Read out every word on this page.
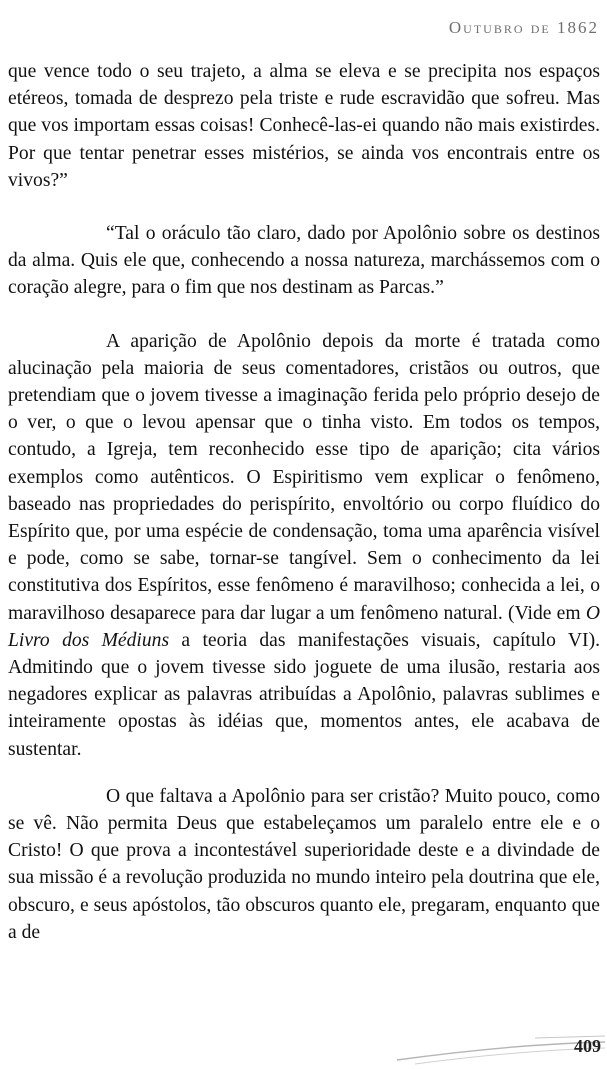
Outubro de 1862

que vence todo o seu trajeto, a alma se eleva e se precipita nos espaços etéreos, tomada de desprezo pela triste e rude escravidão que sofreu. Mas que vos importam essas coisas! Conhecê-las-ei quando não mais existirdes. Por que tentar penetrar esses mistérios, se ainda vos encontrais entre os vivos?”

“Tal o oráculo tão claro, dado por Apolônio sobre os destinos da alma. Quis ele que, conhecendo a nossa natureza, marchássemos com o coração alegre, para o fim que nos destinam as Parcas.”

A aparição de Apolônio depois da morte é tratada como alucinação pela maioria de seus comentadores, cristãos ou outros, que pretendiam que o jovem tivesse a imaginação ferida pelo próprio desejo de o ver, o que o levou apensar que o tinha visto. Em todos os tempos, contudo, a Igreja, tem reconhecido esse tipo de aparição; cita vários exemplos como autênticos. O Espiritismo vem explicar o fenômeno, baseado nas propriedades do perispírito, envoltório ou corpo fluídico do Espírito que, por uma espécie de condensação, toma uma aparência visível e pode, como se sabe, tornar-se tangível. Sem o conhecimento da lei constitutiva dos Espíritos, esse fenômeno é maravilhoso; conhecida a lei, o maravilhoso desaparece para dar lugar a um fenômeno natural. (Vide em O Livro dos Médiuns a teoria das manifestações visuais, capítulo VI). Admitindo que o jovem tivesse sido joguete de uma ilusão, restaria aos negadores explicar as palavras atribuídas a Apolônio, palavras sublimes e inteiramente opostas às idéias que, momentos antes, ele acabava de sustentar.

O que faltava a Apolônio para ser cristão? Muito pouco, como se vê. Não permita Deus que estabeleçamos um paralelo entre ele e o Cristo! O que prova a incontestável superioridade deste e a divindade de sua missão é a revolução produzida no mundo inteiro pela doutrina que ele, obscuro, e seus apóstolos, tão obscuros quanto ele, pregaram, enquanto que a de

409
